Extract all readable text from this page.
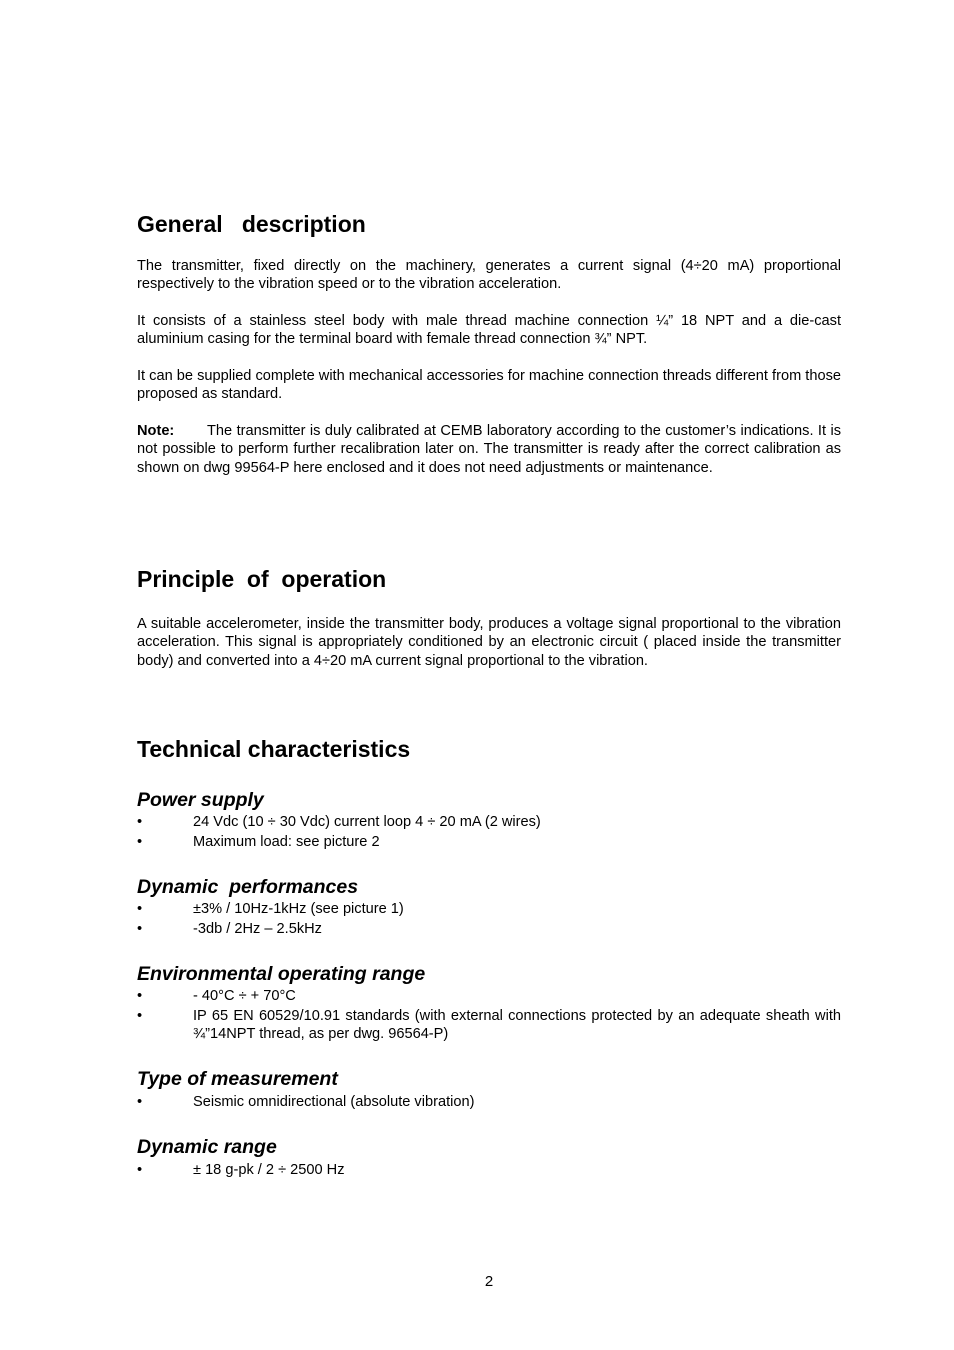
General   description

The transmitter, fixed directly on the machinery, generates a current signal (4÷20 mA) proportional respectively to the vibration speed or to the vibration acceleration.

It consists of a stainless steel body with male thread machine connection ¼” 18 NPT and a die-cast aluminium casing for the terminal board with female thread connection ¾” NPT.

It can be supplied complete with mechanical accessories for machine connection threads different from those proposed as standard.

Note: The transmitter is duly calibrated at CEMB laboratory according to the customer’s indications. It is not possible to perform further recalibration later on. The transmitter is ready after the correct calibration as shown on dwg 99564-P here enclosed and it does not need adjustments or maintenance.

Principle  of  operation

A suitable accelerometer, inside the transmitter body, produces a voltage signal proportional to the vibration acceleration. This signal is appropriately conditioned by an electronic circuit ( placed inside the transmitter body) and converted into a 4÷20 mA current signal proportional to the vibration.

Technical characteristics
Power supply
•	24 Vdc (10 ÷ 30 Vdc) current loop 4 ÷ 20 mA (2 wires)
•	Maximum load: see picture 2
Dynamic  performances
•	±3% / 10Hz-1kHz (see picture 1)
•	-3db / 2Hz – 2.5kHz
Environmental operating range
•	- 40°C ÷ + 70°C
•	IP 65 EN 60529/10.91 standards (with external connections protected by an adequate sheath with ¾”14NPT thread, as per dwg. 96564-P)
Type of measurement
•	Seismic omnidirectional (absolute vibration)
Dynamic range
•	± 18 g-pk / 2 ÷ 2500 Hz
2
